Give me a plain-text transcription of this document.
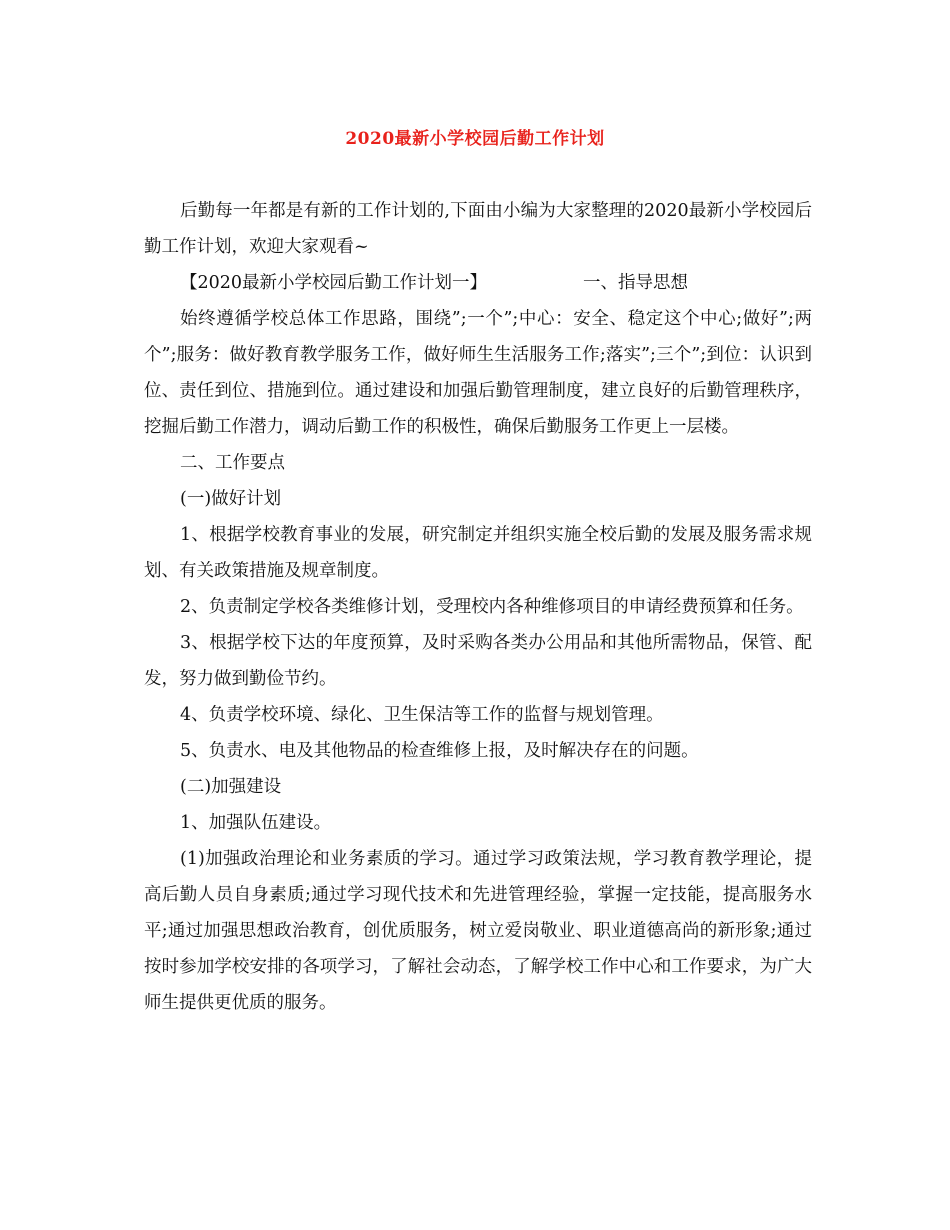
2020最新小学校园后勤工作计划

后勤每一年都是有新的工作计划的,下面由小编为大家整理的2020最新小学校园后勤工作计划，欢迎大家观看~

【2020最新小学校园后勤工作计划一】	一、指导思想

始终遵循学校总体工作思路，围绕”;一个”;中心：安全、稳定这个中心;做好”;两个”;服务：做好教育教学服务工作，做好师生生活服务工作;落实”;三个”;到位：认识到位、责任到位、措施到位。通过建设和加强后勤管理制度，建立良好的后勤管理秩序，挖掘后勤工作潜力，调动后勤工作的积极性，确保后勤服务工作更上一层楼。

二、工作要点

(一)做好计划

1、根据学校教育事业的发展，研究制定并组织实施全校后勤的发展及服务需求规划、有关政策措施及规章制度。

2、负责制定学校各类维修计划，受理校内各种维修项目的申请经费预算和任务。

3、根据学校下达的年度预算，及时采购各类办公用品和其他所需物品，保管、配发，努力做到勤俭节约。

4、负责学校环境、绿化、卫生保洁等工作的监督与规划管理。

5、负责水、电及其他物品的检查维修上报，及时解决存在的问题。

(二)加强建设

1、加强队伍建设。

(1)加强政治理论和业务素质的学习。通过学习政策法规，学习教育教学理论，提高后勤人员自身素质;通过学习现代技术和先进管理经验，掌握一定技能，提高服务水平;通过加强思想政治教育，创优质服务，树立爱岗敬业、职业道德高尚的新形象;通过按时参加学校安排的各项学习，了解社会动态，了解学校工作中心和工作要求，为广大师生提供更优质的服务。
